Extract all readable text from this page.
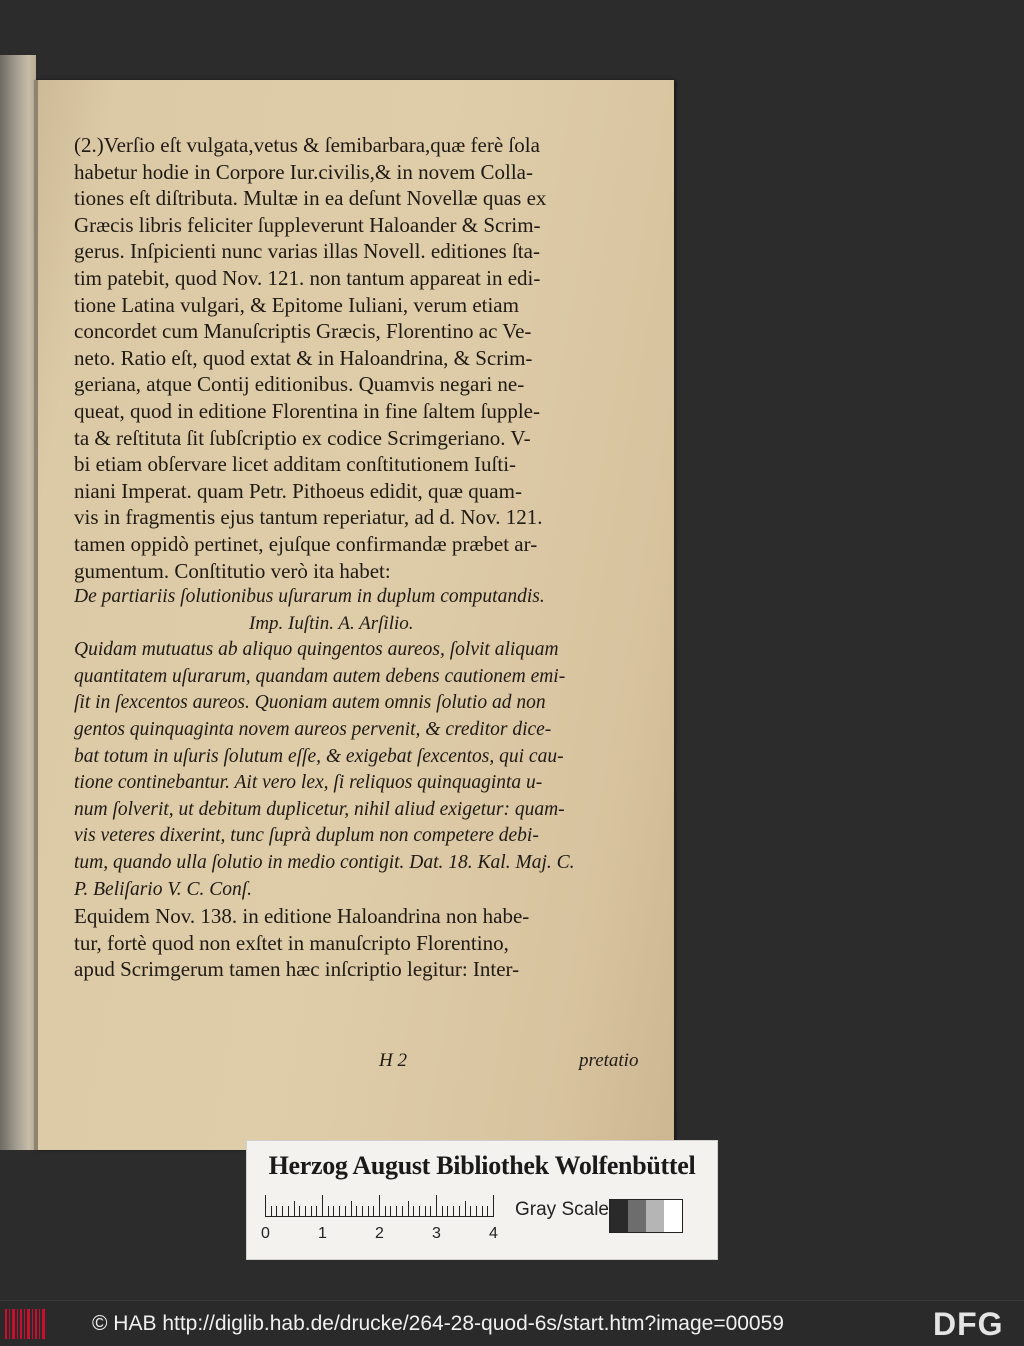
(2.)Verſio eſt vulgata,vetus & ſemibarbara,quæ ferè ſola
habetur hodie in Corpore Iur.civilis,& in novem Colla-
tiones eſt diſtributa. Multæ in ea deſunt Novellæ quas ex
Græcis libris feliciter ſuppleverunt Haloander & Scrim-
gerus. Inſpicienti nunc varias illas Novell. editiones ſta-
tim patebit, quod Nov. 121. non tantum appareat in edi-
tione Latina vulgari, & Epitome Iuliani, verum etiam
concordet cum Manuſcriptis Græcis, Florentino ac Ve-
neto. Ratio eſt, quod extat & in Haloandrina, & Scrim-
geriana, atque Contij editionibus. Quamvis negari ne-
queat, quod in editione Florentina in fine ſaltem ſupple-
ta & reſtituta ſit ſubſcriptio ex codice Scrimgeriano. V-
bi etiam obſervare licet additam conſtitutionem Iuſti-
niani Imperat. quam Petr. Pithoeus edidit, quæ quam-
vis in fragmentis ejus tantum reperiatur, ad d. Nov. 121.
tamen oppidò pertinet, ejuſque confirmandæ præbet ar-
gumentum. Conſtitutio verò ita habet:
De partiariis ſolutionibus uſurarum in duplum computandis.
Imp. Iuſtin. A. Arſilio.
Quidam mutuatus ab aliquo quingentos aureos, ſolvit aliquam
quantitatem uſurarum, quandam autem debens cautionem emi-
ſit in ſexcentos aureos. Quoniam autem omnis ſolutio ad non
gentos quinquaginta novem aureos pervenit, & creditor dice-
bat totum in uſuris ſolutum eſſe, & exigebat ſexcentos, qui cau-
tione continebantur. Ait vero lex, ſi reliquos quinquaginta u-
num ſolverit, ut debitum duplicetur, nihil aliud exigetur: quam-
vis veteres dixerint, tunc ſuprà duplum non competere debi-
tum, quando ulla ſolutio in medio contigit. Dat. 18. Kal. Maj. C.
P. Beliſario V. C. Conſ.
Equidem Nov. 138. in editione Haloandrina non habe-
tur, fortè quod non exſtet in manuſcripto Florentino,
apud Scrimgerum tamen hæc inſcriptio legitur: Inter-
H 2	pretatio
Herzog August Bibliothek Wolfenbüttel
0	1	2	3	4
Gray Scale
© HAB http://diglib.hab.de/drucke/264-28-quod-6s/start.htm?image=00059	DFG
